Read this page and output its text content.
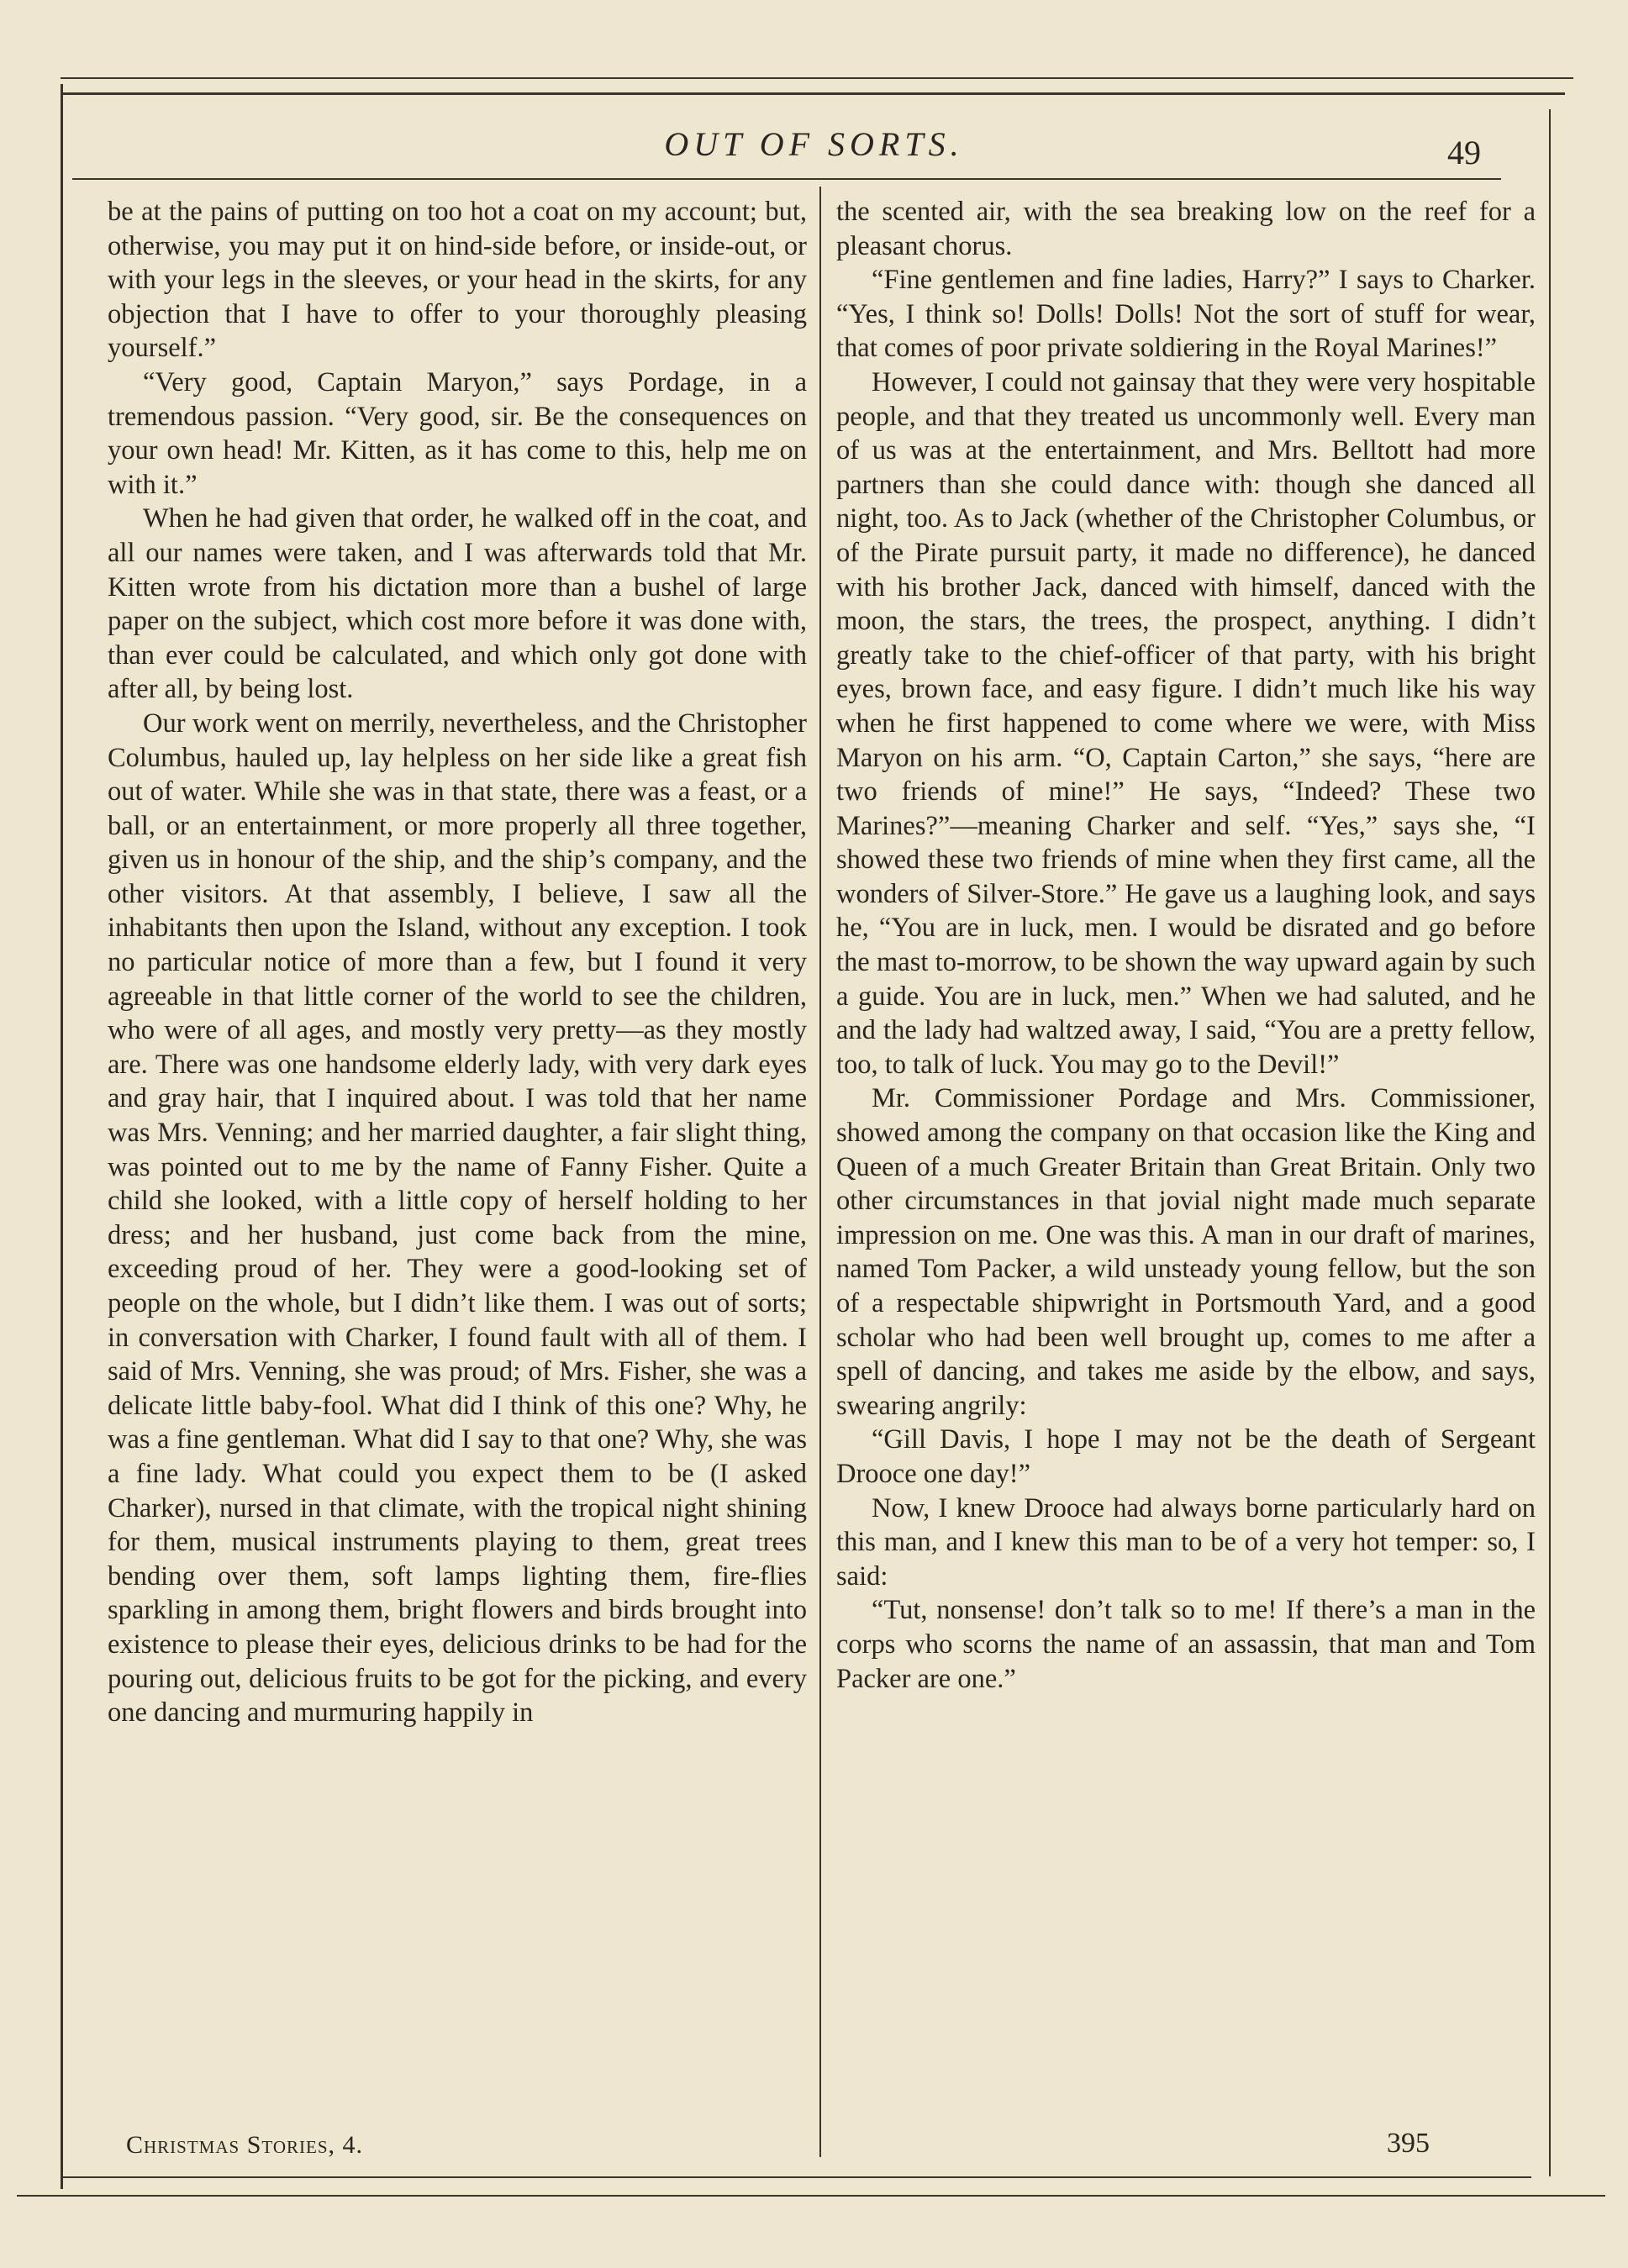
OUT OF SORTS.	49

be at the pains of putting on too hot a coat on my account; but, otherwise, you may put it on hind-side before, or inside-out, or with your legs in the sleeves, or your head in the skirts, for any objection that I have to offer to your thoroughly pleasing yourself.”

“Very good, Captain Maryon,” says Pordage, in a tremendous passion. “Very good, sir. Be the consequences on your own head! Mr. Kitten, as it has come to this, help me on with it.”

When he had given that order, he walked off in the coat, and all our names were taken, and I was afterwards told that Mr. Kitten wrote from his dictation more than a bushel of large paper on the subject, which cost more before it was done with, than ever could be calculated, and which only got done with after all, by being lost.

Our work went on merrily, nevertheless, and the Christopher Columbus, hauled up, lay helpless on her side like a great fish out of water. While she was in that state, there was a feast, or a ball, or an entertainment, or more properly all three together, given us in honour of the ship, and the ship’s company, and the other visitors. At that assembly, I believe, I saw all the inhabitants then upon the Island, without any exception. I took no particular notice of more than a few, but I found it very agreeable in that little corner of the world to see the children, who were of all ages, and mostly very pretty—as they mostly are. There was one handsome elderly lady, with very dark eyes and gray hair, that I inquired about. I was told that her name was Mrs. Venning; and her married daughter, a fair slight thing, was pointed out to me by the name of Fanny Fisher. Quite a child she looked, with a little copy of herself holding to her dress; and her husband, just come back from the mine, exceeding proud of her. They were a good-looking set of people on the whole, but I didn’t like them. I was out of sorts; in conversation with Charker, I found fault with all of them. I said of Mrs. Venning, she was proud; of Mrs. Fisher, she was a delicate little baby-fool. What did I think of this one? Why, he was a fine gentleman. What did I say to that one? Why, she was a fine lady. What could you expect them to be (I asked Charker), nursed in that climate, with the tropical night shining for them, musical instruments playing to them, great trees bending over them, soft lamps lighting them, fire-flies sparkling in among them, bright flowers and birds brought into existence to please their eyes, delicious drinks to be had for the pouring out, delicious fruits to be got for the picking, and every one dancing and murmuring happily in

the scented air, with the sea breaking low on the reef for a pleasant chorus.

“Fine gentlemen and fine ladies, Harry?” I says to Charker. “Yes, I think so! Dolls! Dolls! Not the sort of stuff for wear, that comes of poor private soldiering in the Royal Marines!”

However, I could not gainsay that they were very hospitable people, and that they treated us uncommonly well. Every man of us was at the entertainment, and Mrs. Belltott had more partners than she could dance with: though she danced all night, too. As to Jack (whether of the Christopher Columbus, or of the Pirate pursuit party, it made no difference), he danced with his brother Jack, danced with himself, danced with the moon, the stars, the trees, the prospect, anything. I didn’t greatly take to the chief-officer of that party, with his bright eyes, brown face, and easy figure. I didn’t much like his way when he first happened to come where we were, with Miss Maryon on his arm. “O, Captain Carton,” she says, “here are two friends of mine!” He says, “Indeed? These two Marines?”—meaning Charker and self. “Yes,” says she, “I showed these two friends of mine when they first came, all the wonders of Silver-Store.” He gave us a laughing look, and says he, “You are in luck, men. I would be disrated and go before the mast to-morrow, to be shown the way upward again by such a guide. You are in luck, men.” When we had saluted, and he and the lady had waltzed away, I said, “You are a pretty fellow, too, to talk of luck. You may go to the Devil!”

Mr. Commissioner Pordage and Mrs. Commissioner, showed among the company on that occasion like the King and Queen of a much Greater Britain than Great Britain. Only two other circumstances in that jovial night made much separate impression on me. One was this. A man in our draft of marines, named Tom Packer, a wild unsteady young fellow, but the son of a respectable shipwright in Portsmouth Yard, and a good scholar who had been well brought up, comes to me after a spell of dancing, and takes me aside by the elbow, and says, swearing angrily:

“Gill Davis, I hope I may not be the death of Sergeant Drooce one day!”

Now, I knew Drooce had always borne particularly hard on this man, and I knew this man to be of a very hot temper: so, I said:

“Tut, nonsense! don’t talk so to me! If there’s a man in the corps who scorns the name of an assassin, that man and Tom Packer are one.”

Christmas Stories, 4.	395
